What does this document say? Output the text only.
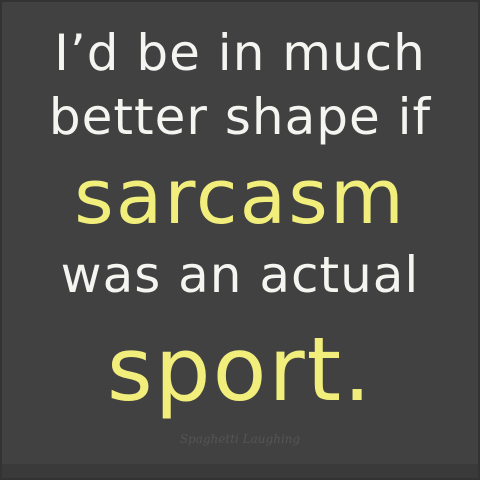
I’d be in much
better shape if
sarcasm
was an actual
sport.
Spaghetti Laughing
